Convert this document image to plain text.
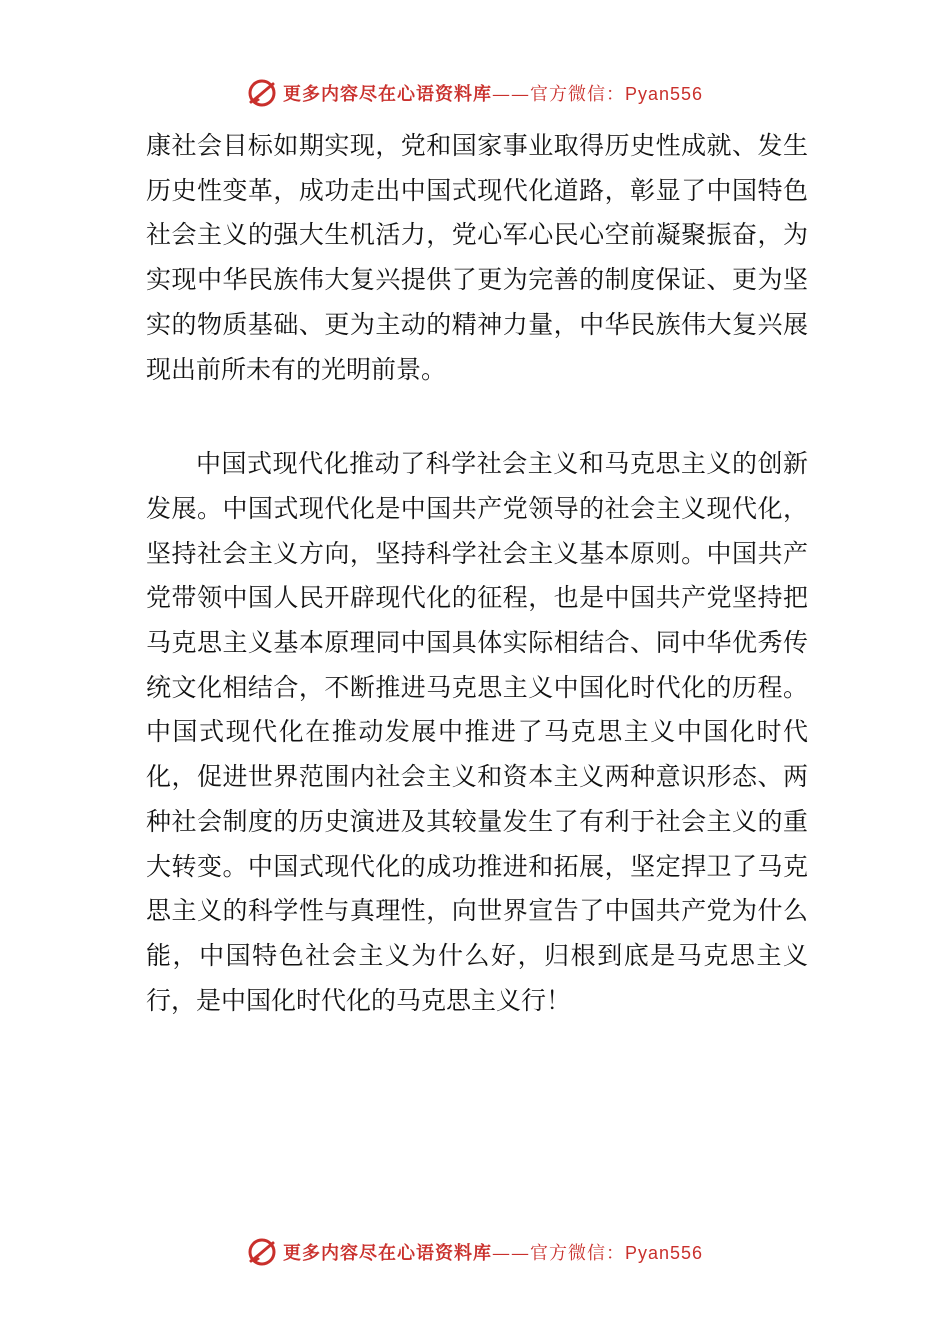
更多内容尽在心语资料库——官方微信：Pyan556

康社会目标如期实现，党和国家事业取得历史性成就、发生历史性变革，成功走出中国式现代化道路，彰显了中国特色社会主义的强大生机活力，党心军心民心空前凝聚振奋，为实现中华民族伟大复兴提供了更为完善的制度保证、更为坚实的物质基础、更为主动的精神力量，中华民族伟大复兴展现出前所未有的光明前景。

中国式现代化推动了科学社会主义和马克思主义的创新发展。中国式现代化是中国共产党领导的社会主义现代化，坚持社会主义方向，坚持科学社会主义基本原则。中国共产党带领中国人民开辟现代化的征程，也是中国共产党坚持把马克思主义基本原理同中国具体实际相结合、同中华优秀传统文化相结合，不断推进马克思主义中国化时代化的历程。中国式现代化在推动发展中推进了马克思主义中国化时代化，促进世界范围内社会主义和资本主义两种意识形态、两种社会制度的历史演进及其较量发生了有利于社会主义的重大转变。中国式现代化的成功推进和拓展，坚定捍卫了马克思主义的科学性与真理性，向世界宣告了中国共产党为什么能，中国特色社会主义为什么好，归根到底是马克思主义行，是中国化时代化的马克思主义行！

更多内容尽在心语资料库——官方微信：Pyan556
